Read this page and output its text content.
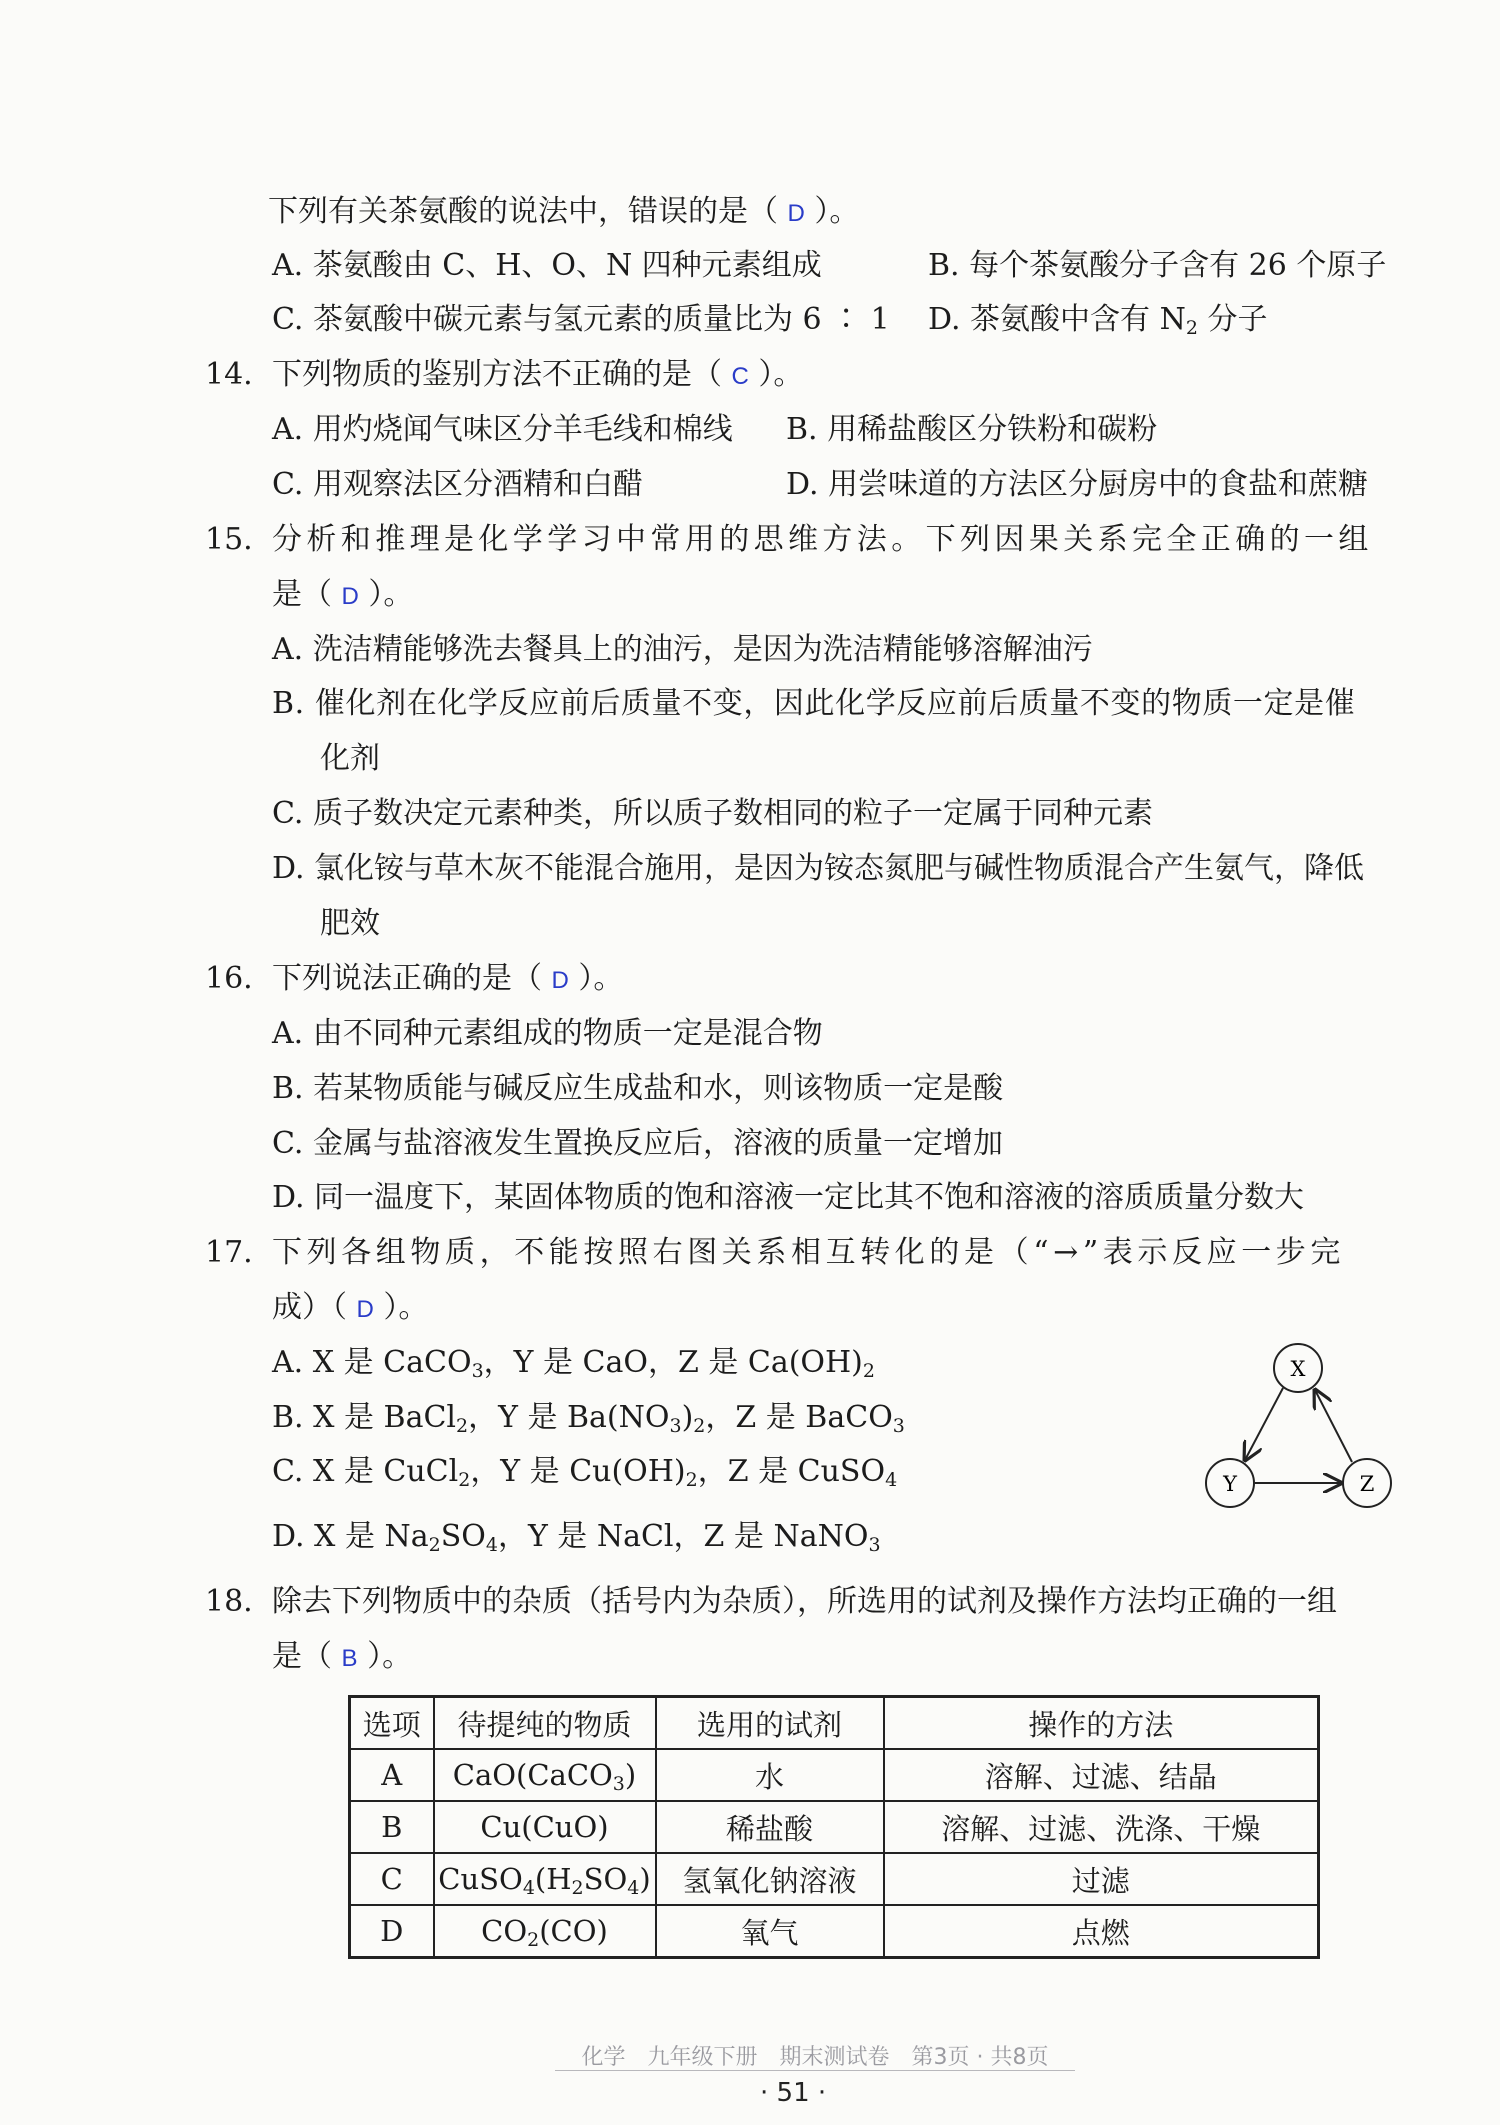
下列有关茶氨酸的说法中，错误的是（ D ）。
A. 茶氨酸由 C、H、O、N 四种元素组成	B. 每个茶氨酸分子含有 26 个原子
C. 茶氨酸中碳元素与氢元素的质量比为 6 ∶ 1 D. 茶氨酸中含有 $N_2$ 分子
14. 下列物质的鉴别方法不正确的是（ C ）。
A. 用灼烧闻气味区分羊毛线和棉线 B. 用稀盐酸区分铁粉和碳粉
C. 用观察法区分酒精和白醋	D. 用尝味道的方法区分厨房中的食盐和蔗糖
15. 分析和推理是化学学习中常用的思维方法。下列因果关系完全正确的一组
是（ D ）。
A. 洗洁精能够洗去餐具上的油污，是因为洗洁精能够溶解油污
B. 催化剂在化学反应前后质量不变，因此化学反应前后质量不变的物质一定是催
化剂
C. 质子数决定元素种类，所以质子数相同的粒子一定属于同种元素
D. 氯化铵与草木灰不能混合施用，是因为铵态氮肥与碱性物质混合产生氨气，降低
肥效
16. 下列说法正确的是（ D ）。
A. 由不同种元素组成的物质一定是混合物
B. 若某物质能与碱反应生成盐和水，则该物质一定是酸
C. 金属与盐溶液发生置换反应后，溶液的质量一定增加
D. 同一温度下，某固体物质的饱和溶液一定比其不饱和溶液的溶质质量分数大
17. 下列各组物质，不能按照右图关系相互转化的是（“→”表示反应一步完
成）（ D ）。
A. X 是 CaCO$_3$，Y 是 CaO，Z 是 $Ca(OH)_2$
B. X 是 BaCl$_2$，Y 是 $Ba(NO_3)_2$，Z 是 BaCO$_3$
C. X 是 CuCl$_2$，Y 是 $Cu(OH)_2$，Z 是 CuSO$_4$
D. X 是 $Na_2SO_4$，Y 是 NaCl，Z 是 NaNO$_3$
X
Y	Z
18. 除去下列物质中的杂质（括号内为杂质），所选用的试剂及操作方法均正确的一组
是（ B ）。
选项	待提纯的物质	选用的试剂	操作的方法
A	CaO(CaCO$_3$)	水	溶解、过滤、结晶
B	Cu(CuO)	稀盐酸	溶解、过滤、洗涤、干燥
C	$CuSO_4(H_2SO_4)$	氢氧化钠溶液	过滤
D	$CO_2(CO)$	氧气	点燃
化学　九年级下册　期末测试卷　第3页 · 共8页
· 51 ·
